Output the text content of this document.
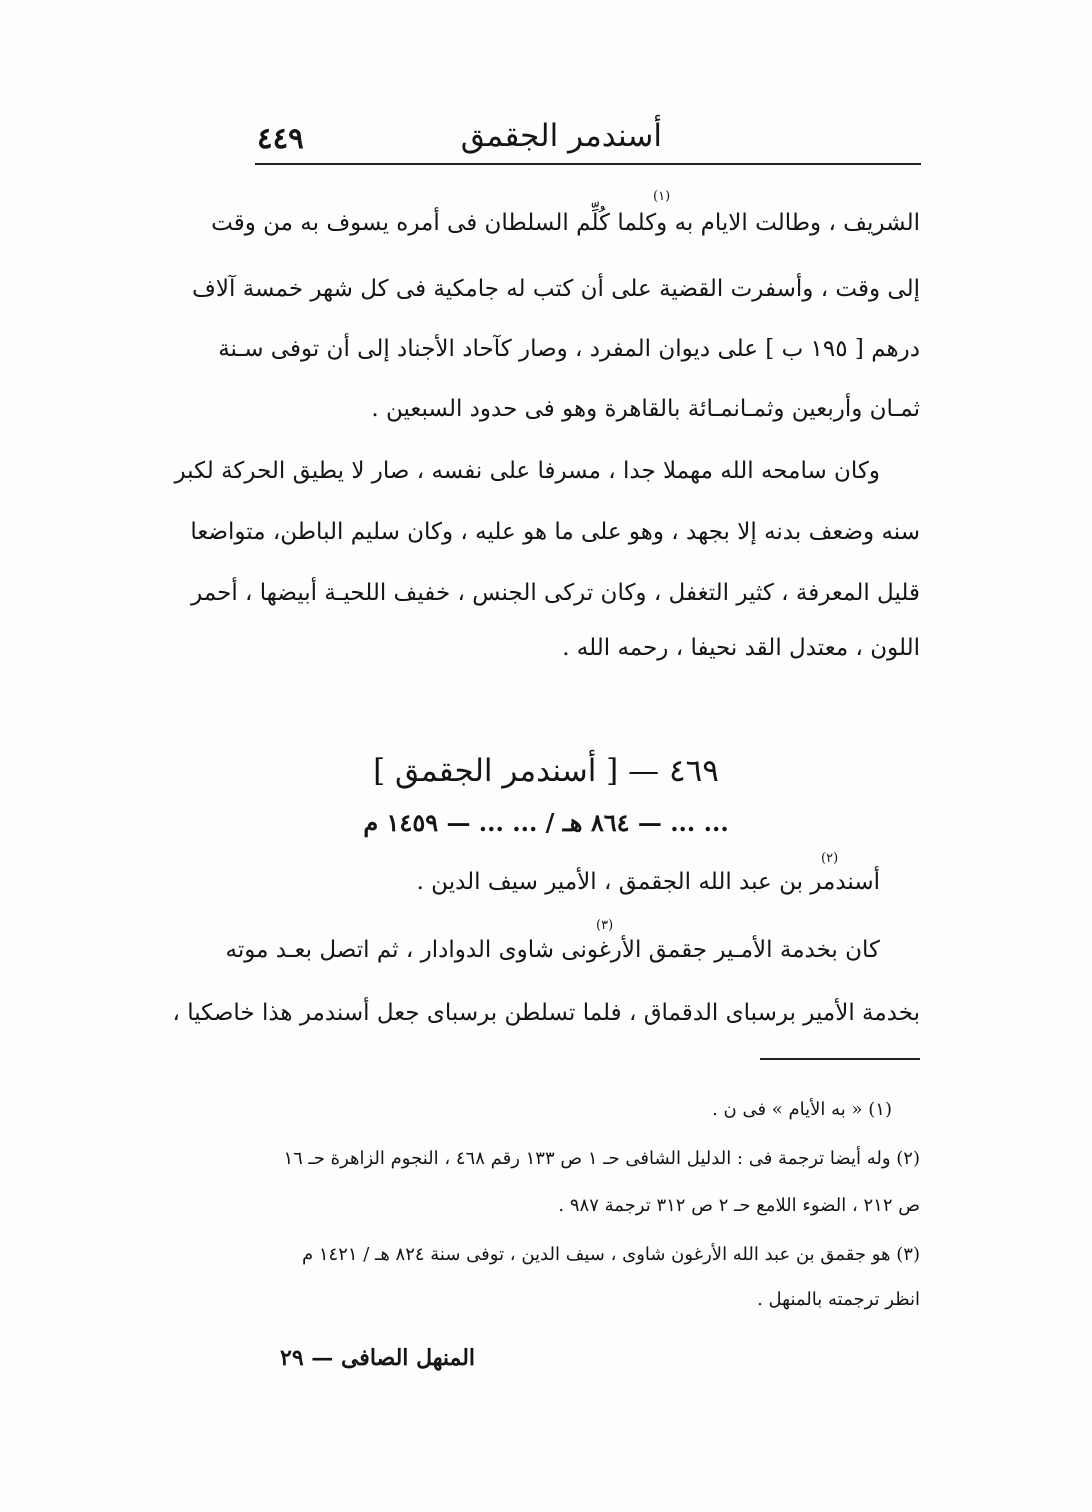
أسندمر الجقمق
٤٤٩
(١)
الشريف ، وطالت الايام به وكلما كُلِّم السلطان فى أمره يسوف به من وقت
إلى وقت ، وأسفرت القضية على أن كتب له جامكية فى كل شهر خمسة آلاف
درهم [ ١٩٥ ب ] على ديوان المفرد ، وصار كآحاد الأجناد إلى أن توفى سـنة
ثمـان وأربعين وثمـانمـائة بالقاهرة وهو فى حدود السبعين .
وكان سامحه الله مهملا جدا ، مسرفا على نفسه ، صار لا يطيق الحركة لكبر
سنه وضعف بدنه إلا بجهد ، وهو على ما هو عليه ، وكان سليم الباطن، متواضعا
قليل المعرفة ، كثير التغفل ، وكان تركى الجنس ، خفيف اللحيـة أبيضها ، أحمر
اللون ، معتدل القد نحيفا ، رحمه الله .
٤٦٩ — [ أسندمر الجقمق ]
... ... — ٨٦٤ هـ / ... ... — ١٤٥٩ م
(٢)
أسندمر بن عبد الله الجقمق ، الأمير سيف الدين .
(٣)
كان بخدمة الأمـير جقمق الأرغونى شاوى الدوادار ، ثم اتصل بعـد موته
بخدمة الأمير برسباى الدقماق ، فلما تسلطن برسباى جعل أسندمر هذا خاصكيا ،
(١) « به الأيام » فى ن .
(٢) وله أيضا ترجمة فى : الدليل الشافى حـ ١ ص ١٣٣ رقم ٤٦٨ ، النجوم الزاهرة حـ ١٦
ص ٢١٢ ، الضوء اللامع حـ ٢ ص ٣١٢ ترجمة ٩٨٧ .
(٣) هو جقمق بن عبد الله الأرغون شاوى ، سيف الدين ، توفى سنة ٨٢٤ هـ / ١٤٢١ م
انظر ترجمته بالمنهل .
المنهل الصافى — ٢٩
